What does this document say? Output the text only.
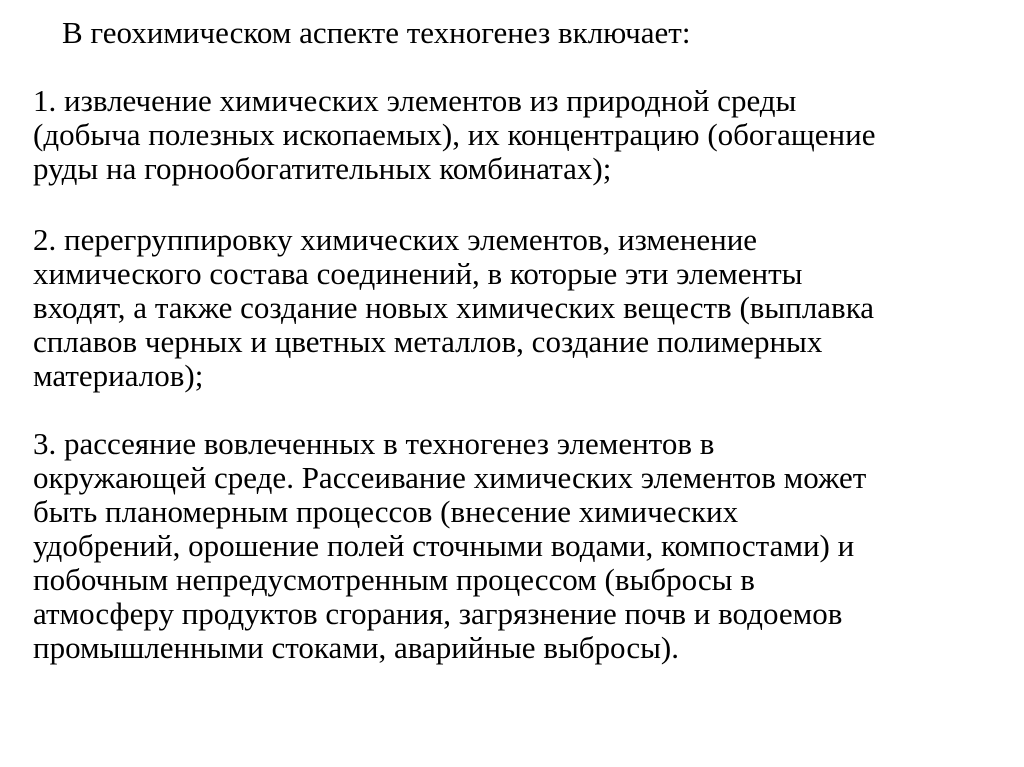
В геохимическом аспекте техногенез включает:

1. извлечение химических элементов из природной среды
(добыча полезных ископаемых), их концентрацию (обогащение
руды на горнообогатительных комбинатах);

2. перегруппировку химических элементов, изменение
химического состава соединений, в которые эти элементы
входят, а также создание новых химических веществ (выплавка
сплавов черных и цветных металлов, создание полимерных
материалов);

3. рассеяние вовлеченных в техногенез элементов в
окружающей среде. Рассеивание химических элементов может
быть планомерным процессов (внесение химических
удобрений, орошение полей сточными водами, компостами) и
побочным непредусмотренным процессом (выбросы в
атмосферу продуктов сгорания, загрязнение почв и водоемов
промышленными стоками, аварийные выбросы).
